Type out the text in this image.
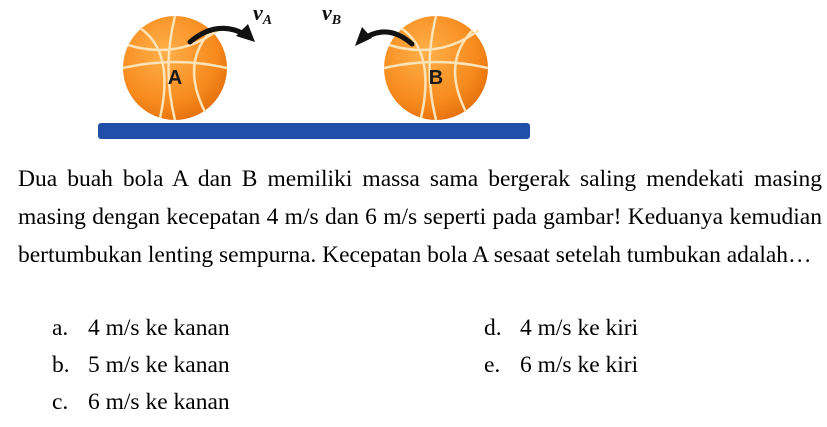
A	B
vA vB

Dua buah bola A dan B memiliki massa sama bergerak saling mendekati masing masing dengan kecepatan 4 m/s dan 6 m/s seperti pada gambar! Keduanya kemudian bertumbukan lenting sempurna. Kecepatan bola A sesaat setelah tumbukan adalah…

a. 4 m/s ke kanan
b. 5 m/s ke kanan
c. 6 m/s ke kanan
d. 4 m/s ke kiri
e. 6 m/s ke kiri
